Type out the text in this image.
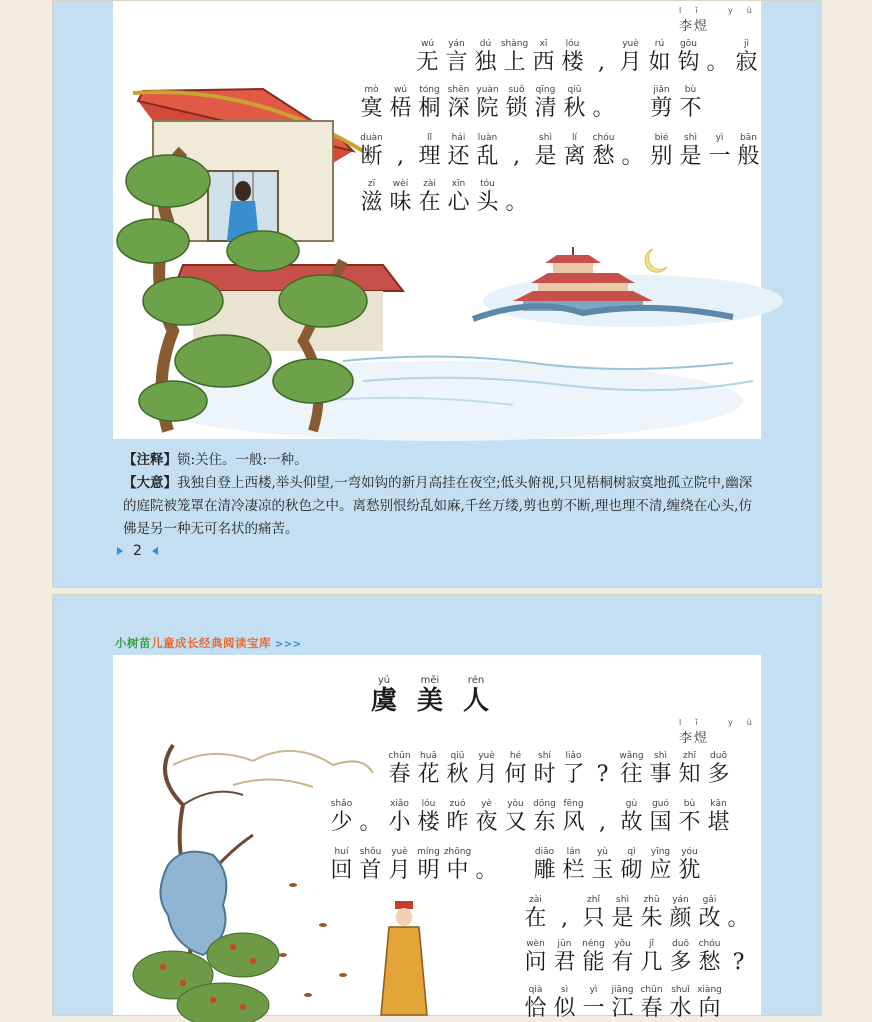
lǐ yù
李煜
wú
无
yán
言
dú
独
shàng
上
xī
西
lóu
楼 ,
yuè
月
rú
如
gōu
钩 。
jì
寂
mò
寞
wú
梧
tóng
桐
shēn
深
yuàn
院
suǒ
锁
qīng
清
qiū
秋 。
jiǎn
剪
bù
不
duàn
断 ,
lǐ
理
hái
还
luàn
乱 ,
shì
是
lí
离
chóu
愁 。
bié
别
shì
是
yì
一
bān
般
zī
滋
wèi
味
zài
在
xīn
心
tóu
头 。

【注释】锁:关住。一般:一种。

【大意】我独自登上西楼,举头仰望,一弯如钩的新月高挂在夜空;低头俯视,只见梧桐树寂寞地孤立院中,幽深的庭院被笼罩在清冷凄凉的秋色之中。离愁别恨纷乱如麻,千丝万缕,剪也剪不断,理也理不清,缠绕在心头,仿佛是另一种无可名状的痛苦。

2
小树苗儿童成长经典阅读宝库 >>>
yú
虞
měi
美
rén
人
lǐ yù
李煜
chūn
春
huā
花
qiū
秋
yuè
月
hé
何
shí
时
liǎo
了 ?
wǎng
往
shì
事
zhī
知
duō
多
shǎo
少 。
xiǎo
小
lóu
楼
zuó
昨
yè
夜
yòu
又
dōng
东
fēng
风 ,
gù
故
guó
国
bù
不
kān
堪
huí
回
shǒu
首
yuè
月
míng
明
zhōng
中 。
diāo
雕
lán
栏
yù
玉
qì
砌
yīng
应
yóu
犹
zài
在 ,
zhǐ
只
shì
是
zhū
朱
yán
颜
gǎi
改 。
wèn
问
jūn
君
néng
能
yǒu
有
jǐ
几
duō
多
chóu
愁 ?
qià
恰
sì
似
yì
一
jiāng
江
chūn
春
shuǐ
水
xiàng
向
